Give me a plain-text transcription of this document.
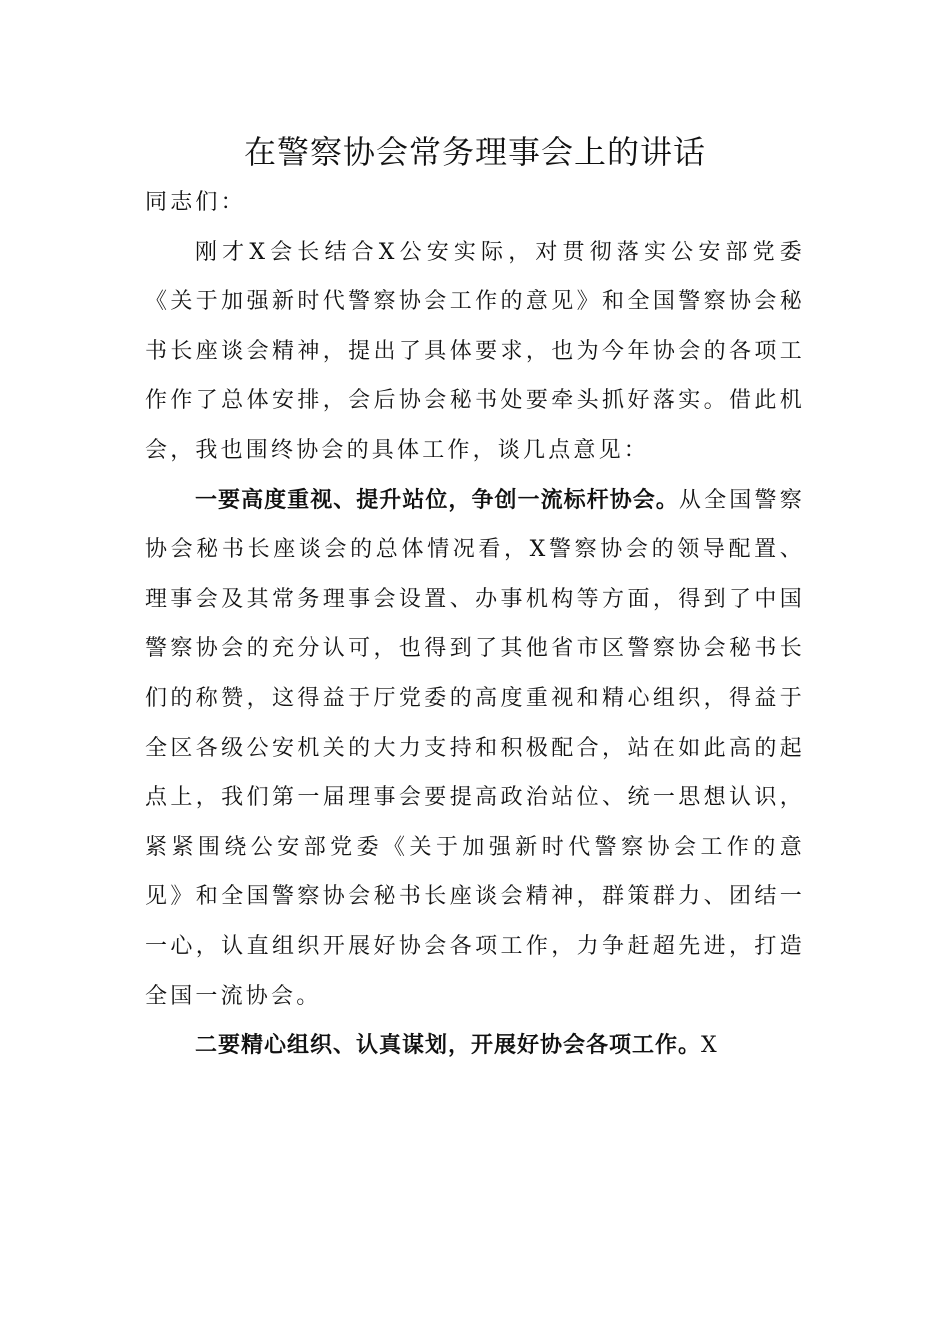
在警察协会常务理事会上的讲话

同志们：

刚才X会长结合X公安实际，对贯彻落实公安部党委《关于加强新时代警察协会工作的意见》和全国警察协会秘书长座谈会精神，提出了具体要求，也为今年协会的各项工作作了总体安排，会后协会秘书处要牵头抓好落实。借此机会，我也围终协会的具体工作，谈几点意见：

一要高度重视、提升站位，争创一流标杆协会。从全国警察协会秘书长座谈会的总体情况看，X警察协会的领导配置、理事会及其常务理事会设置、办事机构等方面，得到了中国警察协会的充分认可，也得到了其他省市区警察协会秘书长们的称赞，这得益于厅党委的高度重视和精心组织，得益于全区各级公安机关的大力支持和积极配合，站在如此高的起点上，我们第一届理事会要提高政治站位、统一思想认识，紧紧围绕公安部党委《关于加强新时代警察协会工作的意见》和全国警察协会秘书长座谈会精神，群策群力、团结一一心，认直组织开展好协会各项工作，力争赶超先进，打造全国一流协会。

二要精心组织、认真谋划，开展好协会各项工作。X
